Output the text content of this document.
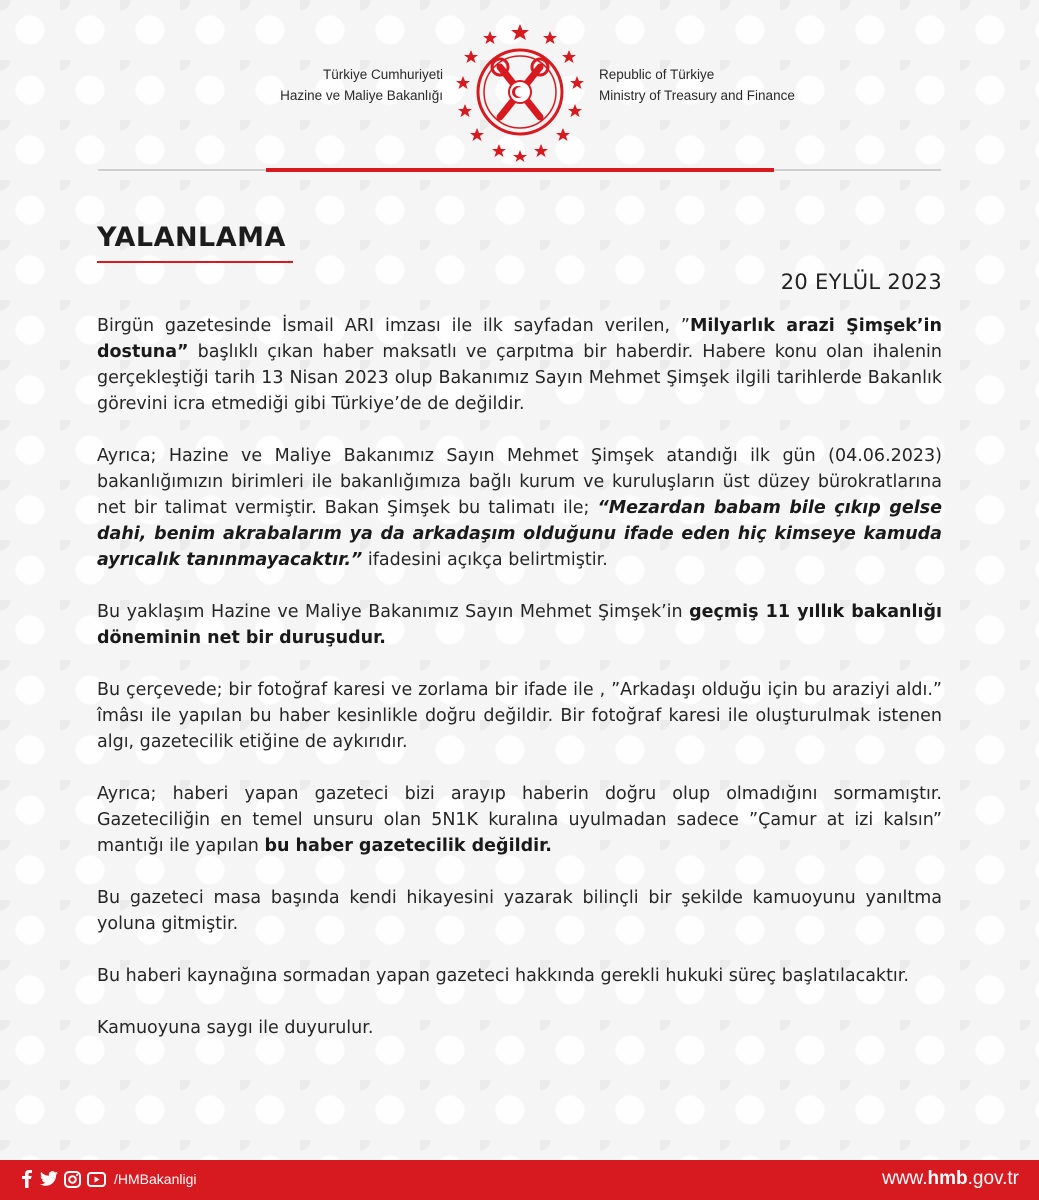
Türkiye Cumhuriyeti
Hazine ve Maliye Bakanlığı
Republic of Türkiye
Ministry of Treasury and Finance
YALANLAMA
20 EYLÜL 2023

Birgün gazetesinde İsmail ARI imzası ile ilk sayfadan verilen, ”Milyarlık arazi Şimşek’in dostuna” başlıklı çıkan haber maksatlı ve çarpıtma bir haberdir. Habere konu olan ihalenin gerçekleştiği tarih 13 Nisan 2023 olup Bakanımız Sayın Mehmet Şimşek ilgili tarihlerde Bakanlık görevini icra etmediği gibi Türkiye’de de değildir.

Ayrıca; Hazine ve Maliye Bakanımız Sayın Mehmet Şimşek atandığı ilk gün (04.06.2023) bakanlığımızın birimleri ile bakanlığımıza bağlı kurum ve kuruluşların üst düzey bürokratlarına net bir talimat vermiştir. Bakan Şimşek bu talimatı ile; “Mezardan babam bile çıkıp gelse dahi, benim akrabalarım ya da arkadaşım olduğunu ifade eden hiç kimseye kamuda ayrıcalık tanınmayacaktır.” ifadesini açıkça belirtmiştir.

Bu yaklaşım Hazine ve Maliye Bakanımız Sayın Mehmet Şimşek’in geçmiş 11 yıllık bakanlığı döneminin net bir duruşudur.

Bu çerçevede; bir fotoğraf karesi ve zorlama bir ifade ile , ”Arkadaşı olduğu için bu araziyi aldı.” îmâsı ile yapılan bu haber kesinlikle doğru değildir. Bir fotoğraf karesi ile oluşturulmak istenen algı, gazetecilik etiğine de aykırıdır.

Ayrıca; haberi yapan gazeteci bizi arayıp haberin doğru olup olmadığını sormamıştır. Gazeteciliğin en temel unsuru olan 5N1K kuralına uyulmadan sadece ”Çamur at izi kalsın” mantığı ile yapılan bu haber gazetecilik değildir.

Bu gazeteci masa başında kendi hikayesini yazarak bilinçli bir şekilde kamuoyunu yanıltma yoluna gitmiştir.

Bu haberi kaynağına sormadan yapan gazeteci hakkında gerekli hukuki süreç başlatılacaktır.

Kamuoyuna saygı ile duyurulur.

/HMBakanligi	www.hmb.gov.tr
